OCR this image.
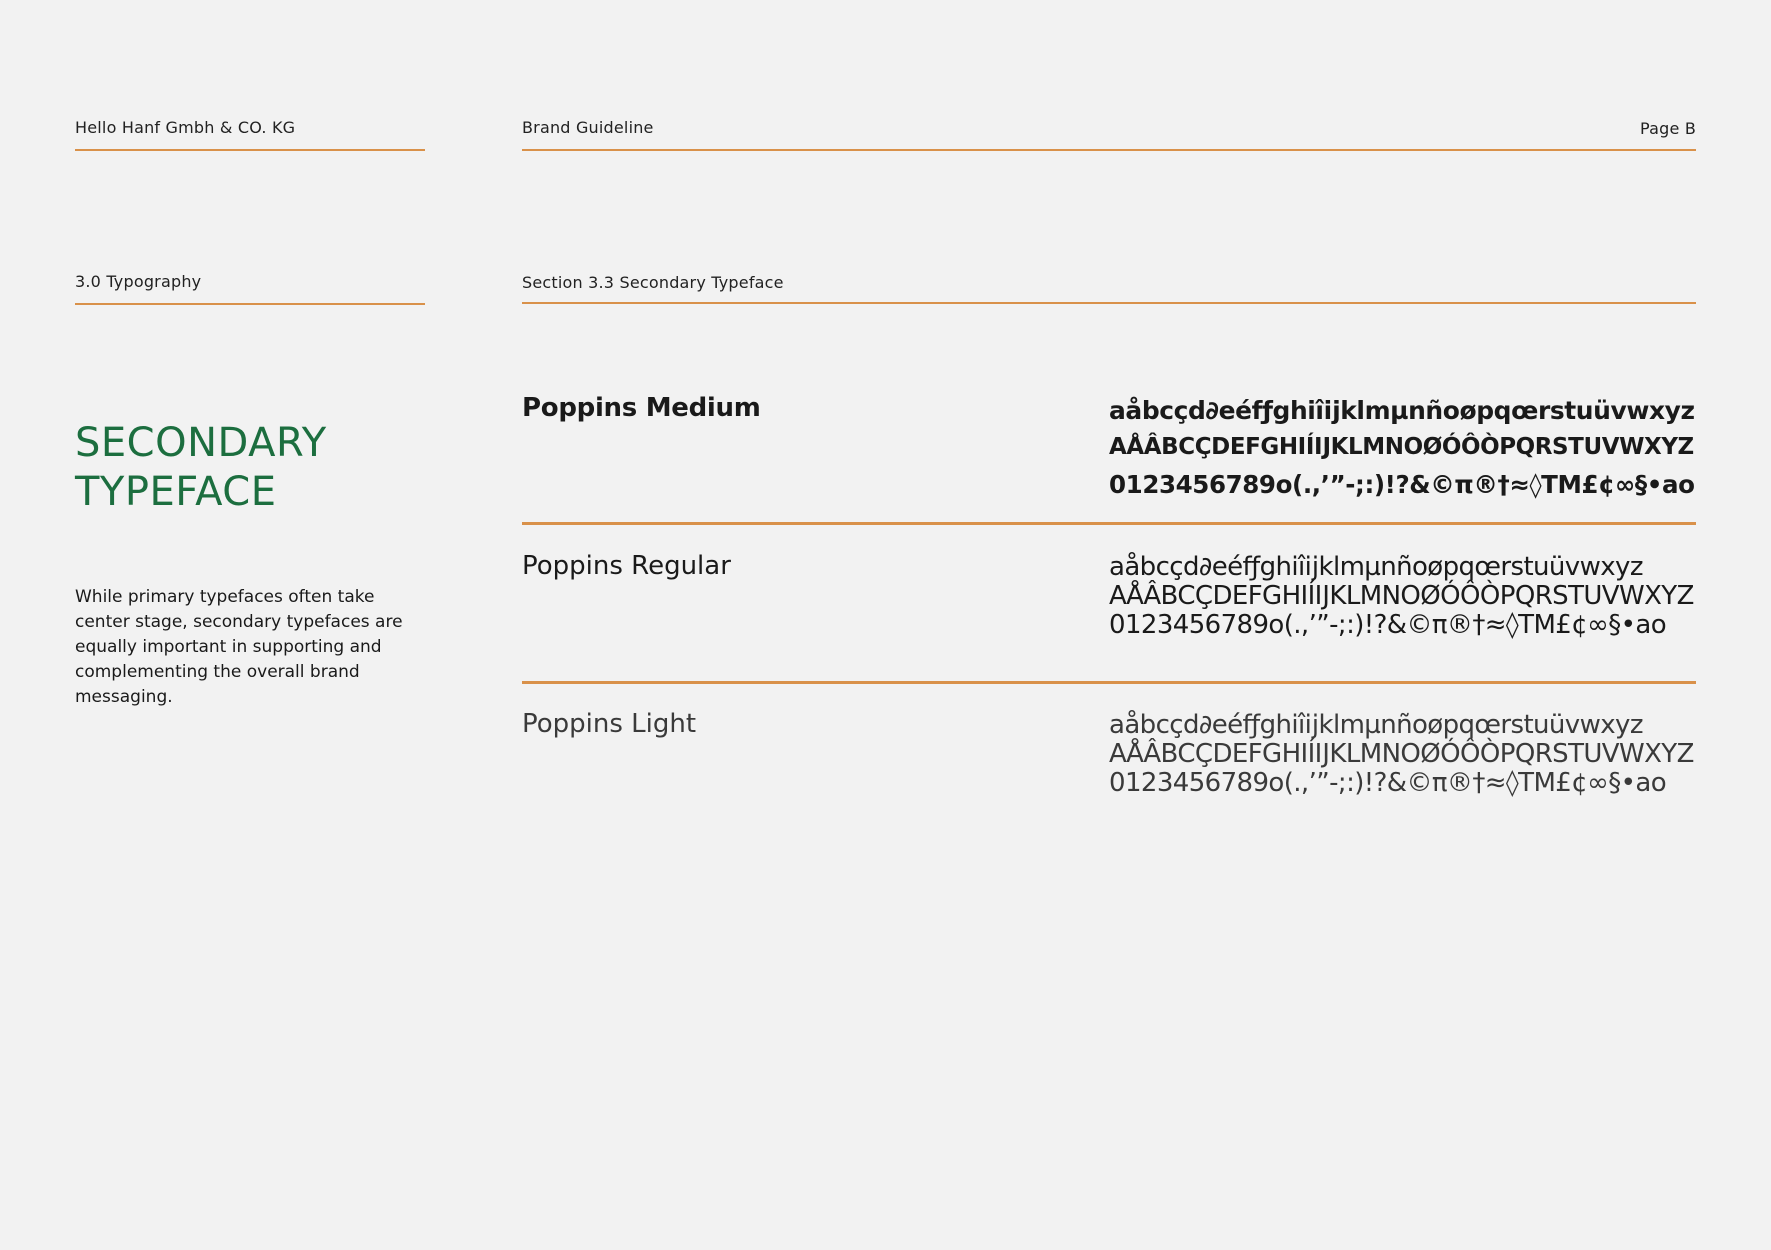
Hello Hanf Gmbh & CO. KG	Brand Guideline	Page B
3.0 Typography	Section 3.3 Secondary Typeface
SECONDARY
TYPEFACE
While primary typefaces often take center stage, secondary typefaces are equally important in supporting and complementing the overall brand messaging.
Poppins Medium	aåbcçd∂eéfƒghiîĳklmµnñoøpqœrstuüvwxyz
AÅÂBCÇDEFGHIÍĲKLMNOØÓÔÒPQRSTUVWXYZ
0123456789o(.,’”-;:)!?&©π®†≈◊TM£¢∞§•ao
Poppins Regular	aåbcçd∂eéfƒghiîĳklmµnñoøpqœrstuüvwxyz
AÅÂBCÇDEFGHIÍĲKLMNOØÓÔÒPQRSTUVWXYZ
0123456789o(.,’”-;:)!?&©π®†≈◊TM£¢∞§•ao
Poppins Light	aåbcçd∂eéfƒghiîĳklmµnñoøpqœrstuüvwxyz
AÅÂBCÇDEFGHIÍĲKLMNOØÓÔÒPQRSTUVWXYZ
0123456789o(.,’”-;:)!?&©π®†≈◊TM£¢∞§•ao
